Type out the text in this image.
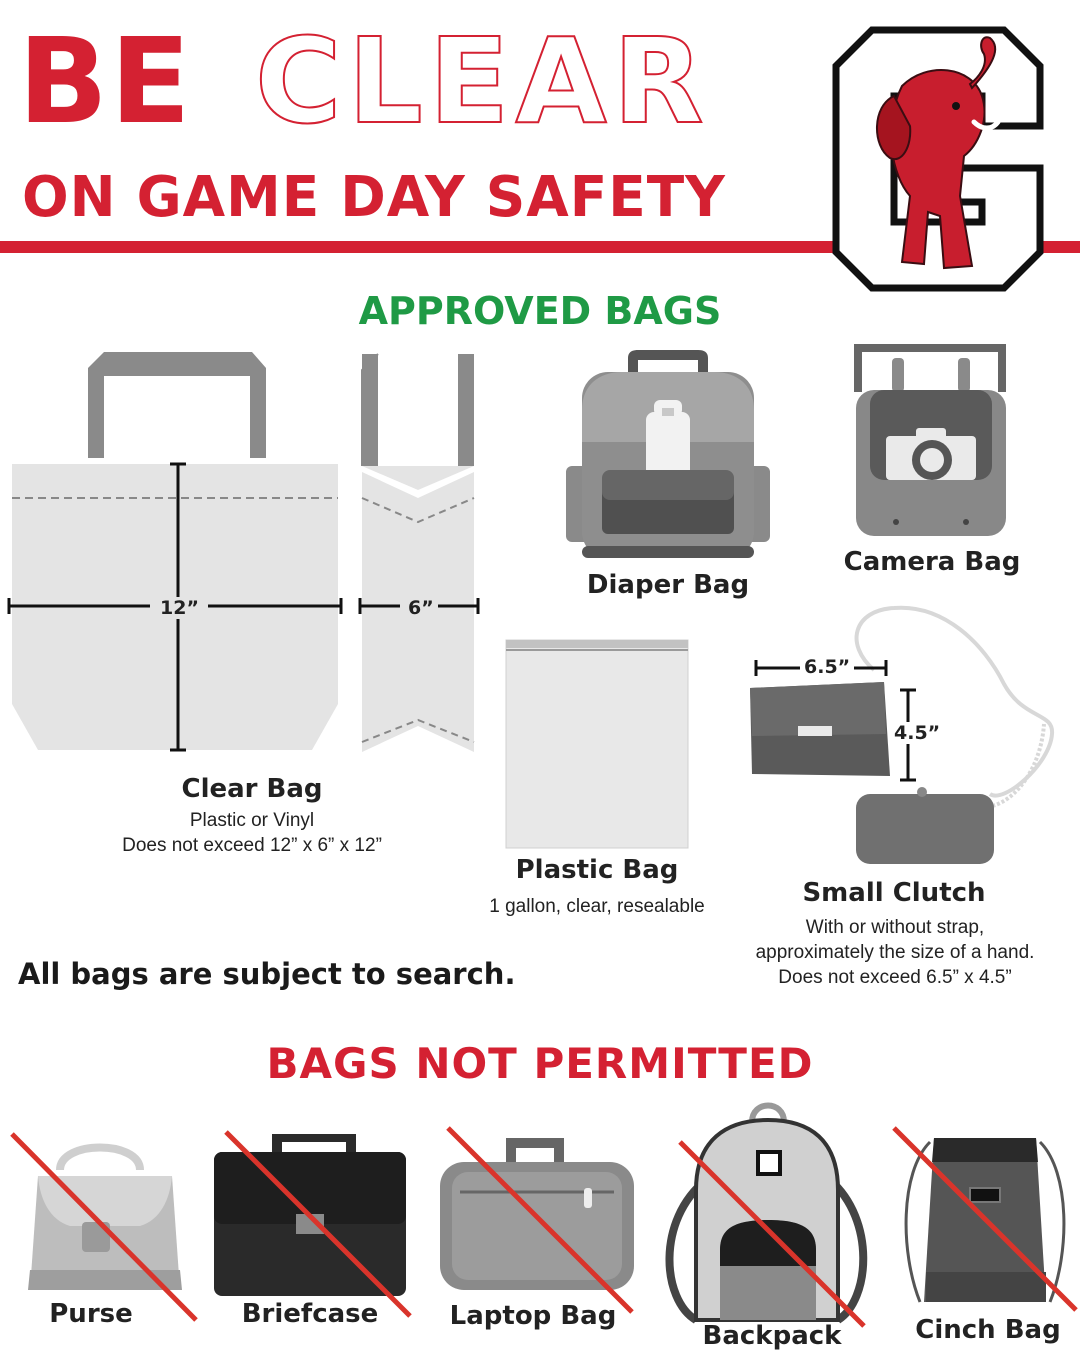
BE CLEAR
ON GAME DAY SAFETY
APPROVED BAGS
12”	6”
Clear Bag
Plastic or Vinyl
Does not exceed 12” x 6” x 12”
Diaper Bag
Camera Bag
Plastic Bag
1 gallon, clear, resealable
6.5”
4.5”
Small Clutch
With or without strap,
approximately the size of a hand.
Does not exceed 6.5” x 4.5”
All bags are subject to search.
BAGS NOT PERMITTED
Purse	Briefcase	Laptop Bag
Backpack	Cinch Bag
